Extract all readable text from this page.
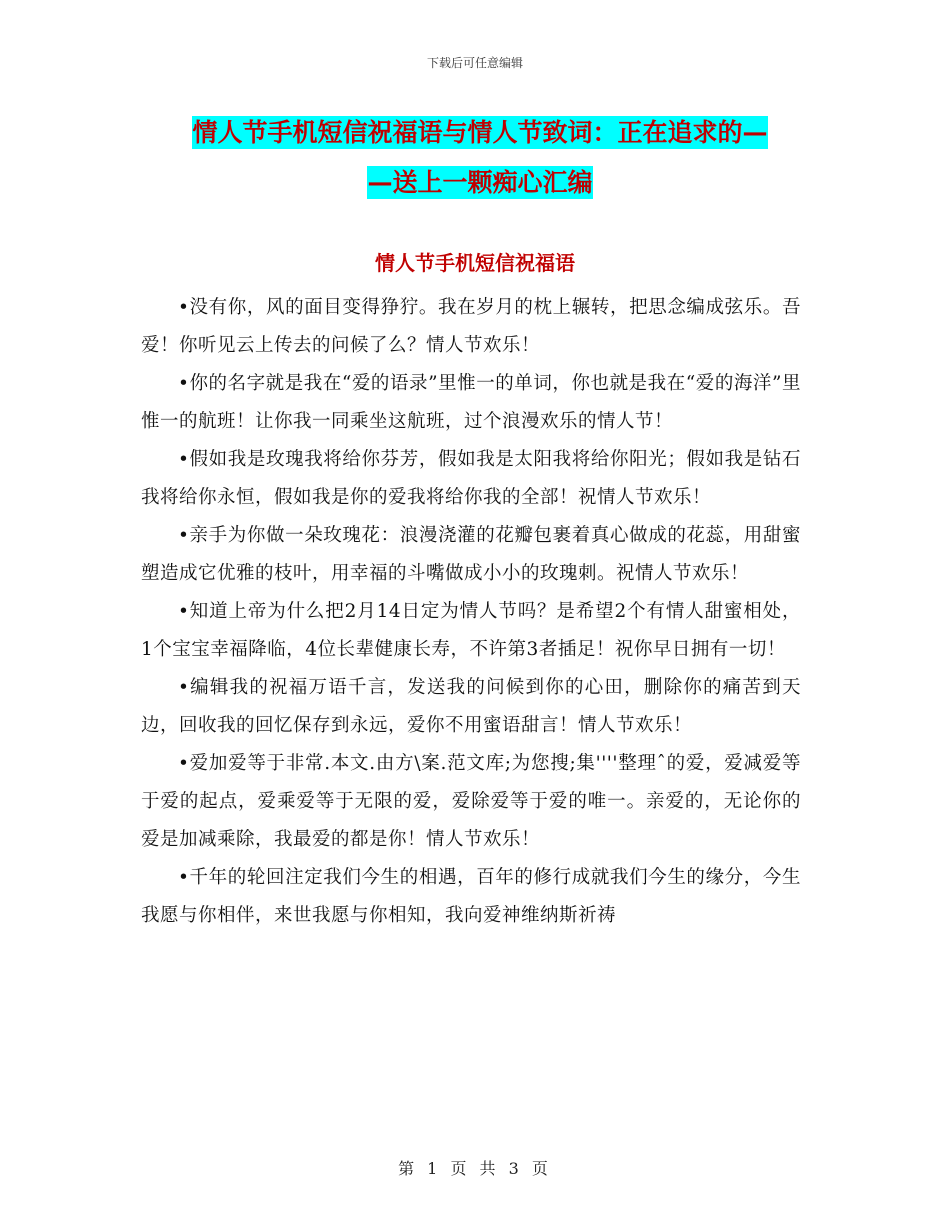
下载后可任意编辑
情人节手机短信祝福语与情人节致词：正在追求的—
—送上一颗痴心汇编
情人节手机短信祝福语

•没有你，风的面目变得狰狞。我在岁月的枕上辗转，把思念编成弦乐。吾爱！你听见云上传去的问候了么？情人节欢乐！

•你的名字就是我在“爱的语录”里惟一的单词，你也就是我在“爱的海洋”里惟一的航班！让你我一同乘坐这航班，过个浪漫欢乐的情人节！

•假如我是玫瑰我将给你芬芳，假如我是太阳我将给你阳光；假如我是钻石我将给你永恒，假如我是你的爱我将给你我的全部！祝情人节欢乐！

•亲手为你做一朵玫瑰花：浪漫浇灌的花瓣包裹着真心做成的花蕊，用甜蜜塑造成它优雅的枝叶，用幸福的斗嘴做成小小的玫瑰刺。祝情人节欢乐！

•知道上帝为什么把2月14日定为情人节吗？是希望2个有情人甜蜜相处，1个宝宝幸福降临，4位长辈健康长寿，不许第3者插足！祝你早日拥有一切！

•编辑我的祝福万语千言，发送我的问候到你的心田，删除你的痛苦到天边，回收我的回忆保存到永远，爱你不用蜜语甜言！情人节欢乐！

•爱加爱等于非常.本文.由方\案.范文库;为您搜;集''''整理ˆ的爱，爱减爱等于爱的起点，爱乘爱等于无限的爱，爱除爱等于爱的唯一。亲爱的，无论你的爱是加减乘除，我最爱的都是你！情人节欢乐！

•千年的轮回注定我们今生的相遇，百年的修行成就我们今生的缘分，今生我愿与你相伴，来世我愿与你相知，我向爱神维纳斯祈祷

第 1 页 共 3 页
